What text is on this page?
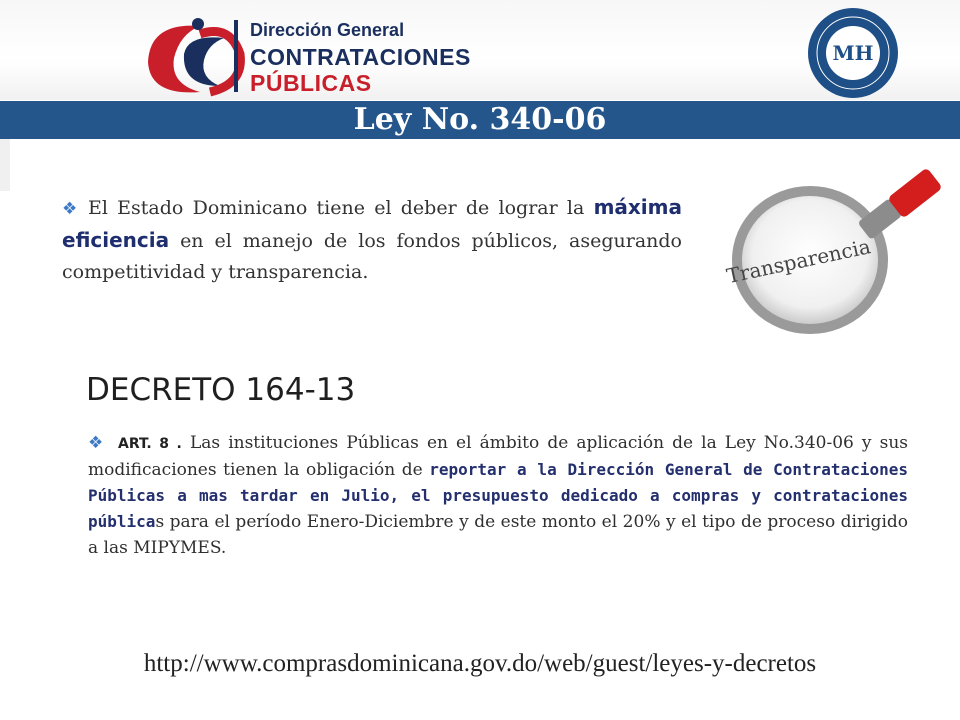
Dirección General
CONTRATACIONES
PÚBLICAS
MH
Ley No. 340-06
❖ El Estado Dominicano tiene el deber de lograr la máxima eficiencia en el manejo de los fondos públicos, asegurando competitividad y transparencia.	Transparencia
DECRETO 164-13
❖ ART. 8 . Las instituciones Públicas en el ámbito de aplicación de la Ley No.340-06 y sus modificaciones tienen la obligación de reportar a la Dirección General de Contrataciones Públicas a mas tardar en Julio, el presupuesto dedicado a compras y contrataciones públicas para el período Enero-Diciembre y de este monto el 20% y el tipo de proceso dirigido a las MIPYMES.
http://www.comprasdominicana.gov.do/web/guest/leyes-y-decretos
